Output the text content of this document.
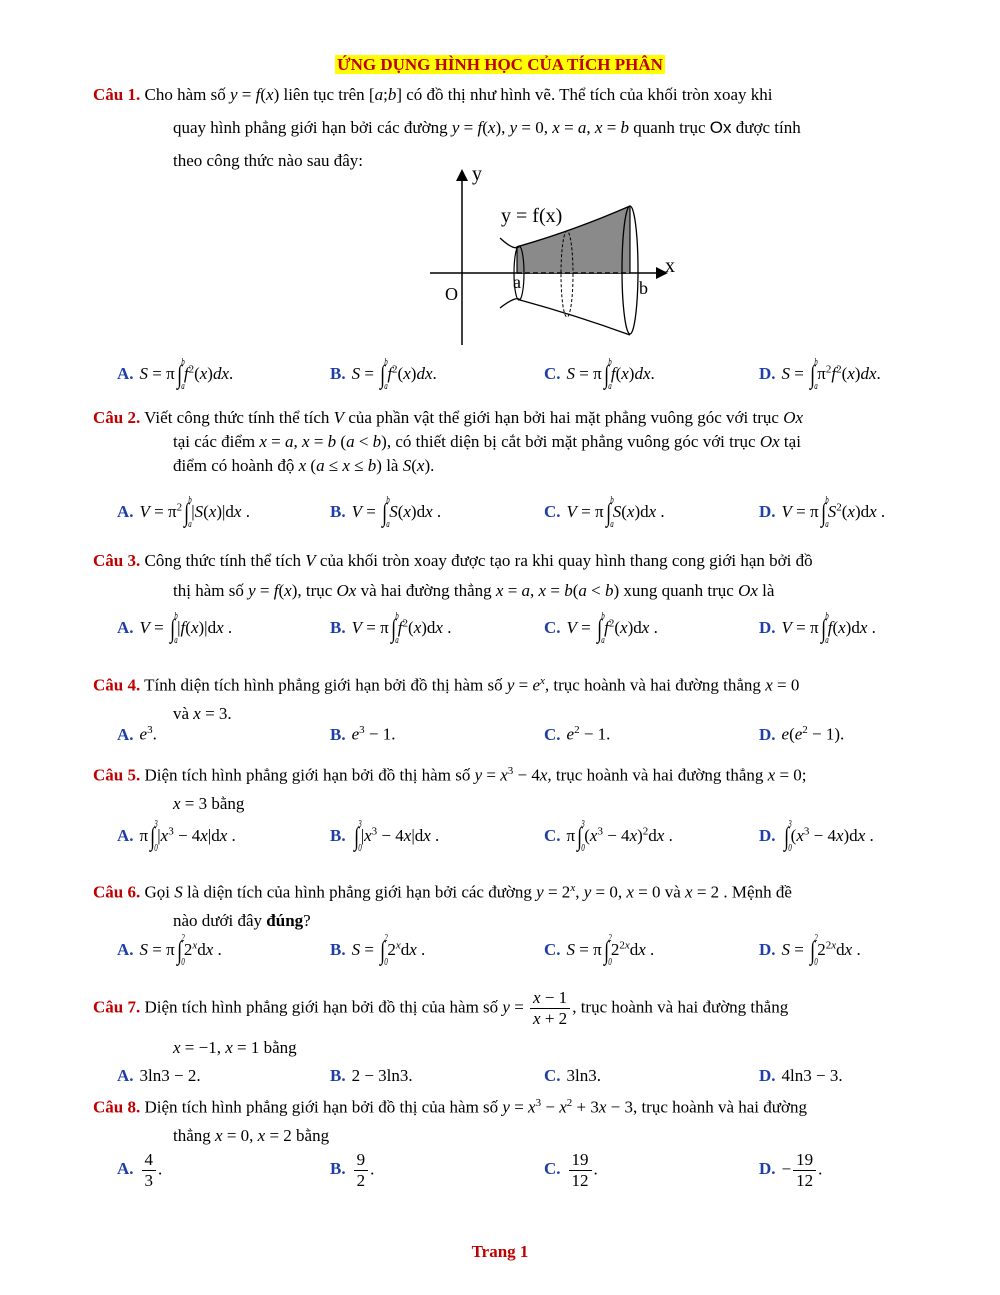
ỨNG DỤNG HÌNH HỌC CỦA TÍCH PHÂN
Câu 1. Cho hàm số y = f(x) liên tục trên [a;b] có đồ thị như hình vẽ. Thể tích của khối tròn xoay khi
quay hình phẳng giới hạn bởi các đường y = f(x), y = 0, x = a, x = b quanh trục Ox được tính
theo công thức nào sau đây:
y
x
O
a	b
y = f(x)
A. S = π∫ b
a
$f^2(x)dx$.	B. S = ∫ b
a
$f^2(x)dx$.	C. S = π∫ b
a
f(x)dx.	D. S = ∫ b
a
$\pi^2f^2(x)dx$.
Câu 2. Viết công thức tính thể tích V của phần vật thể giới hạn bởi hai mặt phẳng vuông góc với trục Ox
tại các điểm x = a, x = b (a < b), có thiết diện bị cắt bởi mặt phẳng vuông góc với trục Ox tại
điểm có hoành độ x (a ≤ x ≤ b) là S(x).
A. $V = \pi^2\int$ b
a
|S(x)|dx .	B. V = ∫ b
a
S(x)dx .	C. V = π∫ b
a
S(x)dx .	D. V = π∫ b
a
$S^2(x)dx$ .
Câu 3. Công thức tính thể tích V của khối tròn xoay được tạo ra khi quay hình thang cong giới hạn bởi đồ
thị hàm số y = f(x), trục Ox và hai đường thẳng x = a, x = b(a < b) xung quanh trục Ox là
A. V = ∫ b
a
|f(x)|dx .	B. V = π∫ b
a
$f^2(x)dx$ .	C. V = ∫ b
a
$f^2(x)dx$ .	D. V = π∫ b
a
f(x)dx .
Câu 4. Tính diện tích hình phẳng giới hạn bởi đồ thị hàm số $y = e^x$, trục hoành và hai đường thẳng x = 0
và x = 3.
A. $e^3$.	B. $e^3 - 1$.	C. $e^2 - 1$.	D. $e(e^2 - 1)$.
Câu 5. Diện tích hình phẳng giới hạn bởi đồ thị hàm số $y = x^3 - 4x$, trục hoành và hai đường thẳng x = 0;
x = 3 bằng
A. π∫ 3
0
$|x^3 - 4x|dx$ .	B. ∫ 3
0
$|x^3 - 4x|dx$ .	C. π∫ 3
0
$(x^3 - 4x)^2dx$ .	D. ∫ 3
0
$(x^3 - 4x)dx$ .
Câu 6. Gọi S là diện tích của hình phẳng giới hạn bởi các đường $y = 2^x$, y = 0, x = 0 và x = 2 . Mệnh đề
nào dưới đây đúng?
A. S = π∫ 2
0
2$^x$dx .	B. S = ∫ 2
0
2$^x$dx .	C. S = π∫ 2
0
$2^{2x}dx$ .	D. S = ∫ 2
0
$2^{2x}dx$ .
Câu 7. Diện tích hình phẳng giới hạn bởi đồ thị của hàm số $y = \frac{x - 1}{x + 2}$ , trục hoành và hai đường thẳng
x = −1, x = 1 bằng
A. 3ln3 − 2.	B. 2 − 3ln3.	C. 3ln3.	D. 4ln3 − 3.
Câu 8. Diện tích hình phẳng giới hạn bởi đồ thị của hàm số $y = x^3 - x^2 + 3x - 3$, trục hoành và hai đường
thẳng x = 0, x = 2 bằng
A. $\frac{4}{3}$ .	B. $\frac{9}{2}$ .	C. $\frac{19}{12}$ .	D. − $\frac{19}{12}$ .
Trang 1
